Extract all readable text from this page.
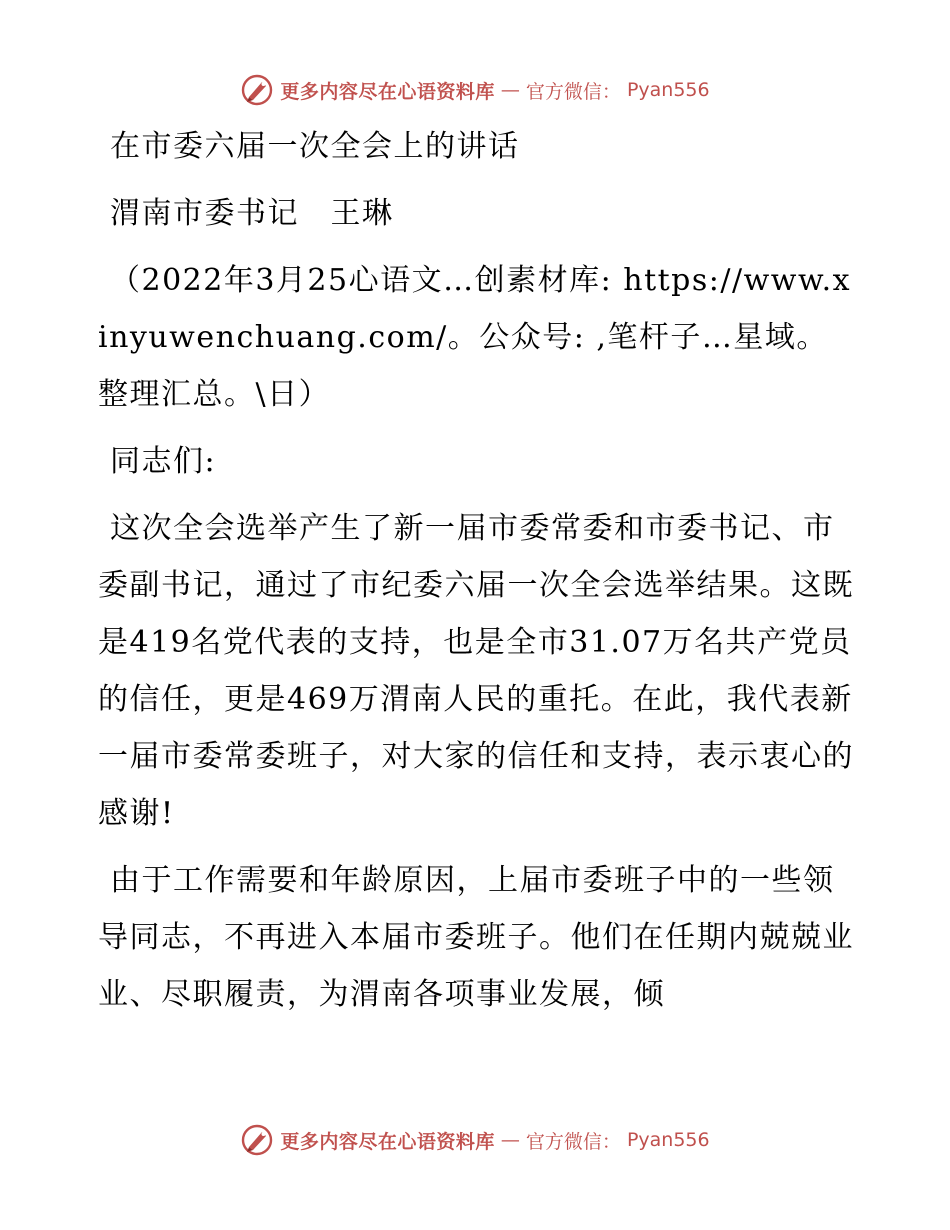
更多内容尽在心语资料库 — 官方微信： Pyan556

在市委六届一次全会上的讲话

渭南市委书记　王琳

（2022年3月25心语文…创素材库: https://www.xinyuwenchuang.com/。公众号: ,笔杆子…星域。整理汇总。\日）

同志们:

这次全会选举产生了新一届市委常委和市委书记、市委副书记，通过了市纪委六届一次全会选举结果。这既是419名党代表的支持，也是全市31.07万名共产党员的信任，更是469万渭南人民的重托。在此，我代表新一届市委常委班子，对大家的信任和支持，表示衷心的感谢!

由于工作需要和年龄原因，上届市委班子中的一些领导同志，不再进入本届市委班子。他们在任期内兢兢业业、尽职履责，为渭南各项事业发展，倾

更多内容尽在心语资料库 — 官方微信： Pyan556
